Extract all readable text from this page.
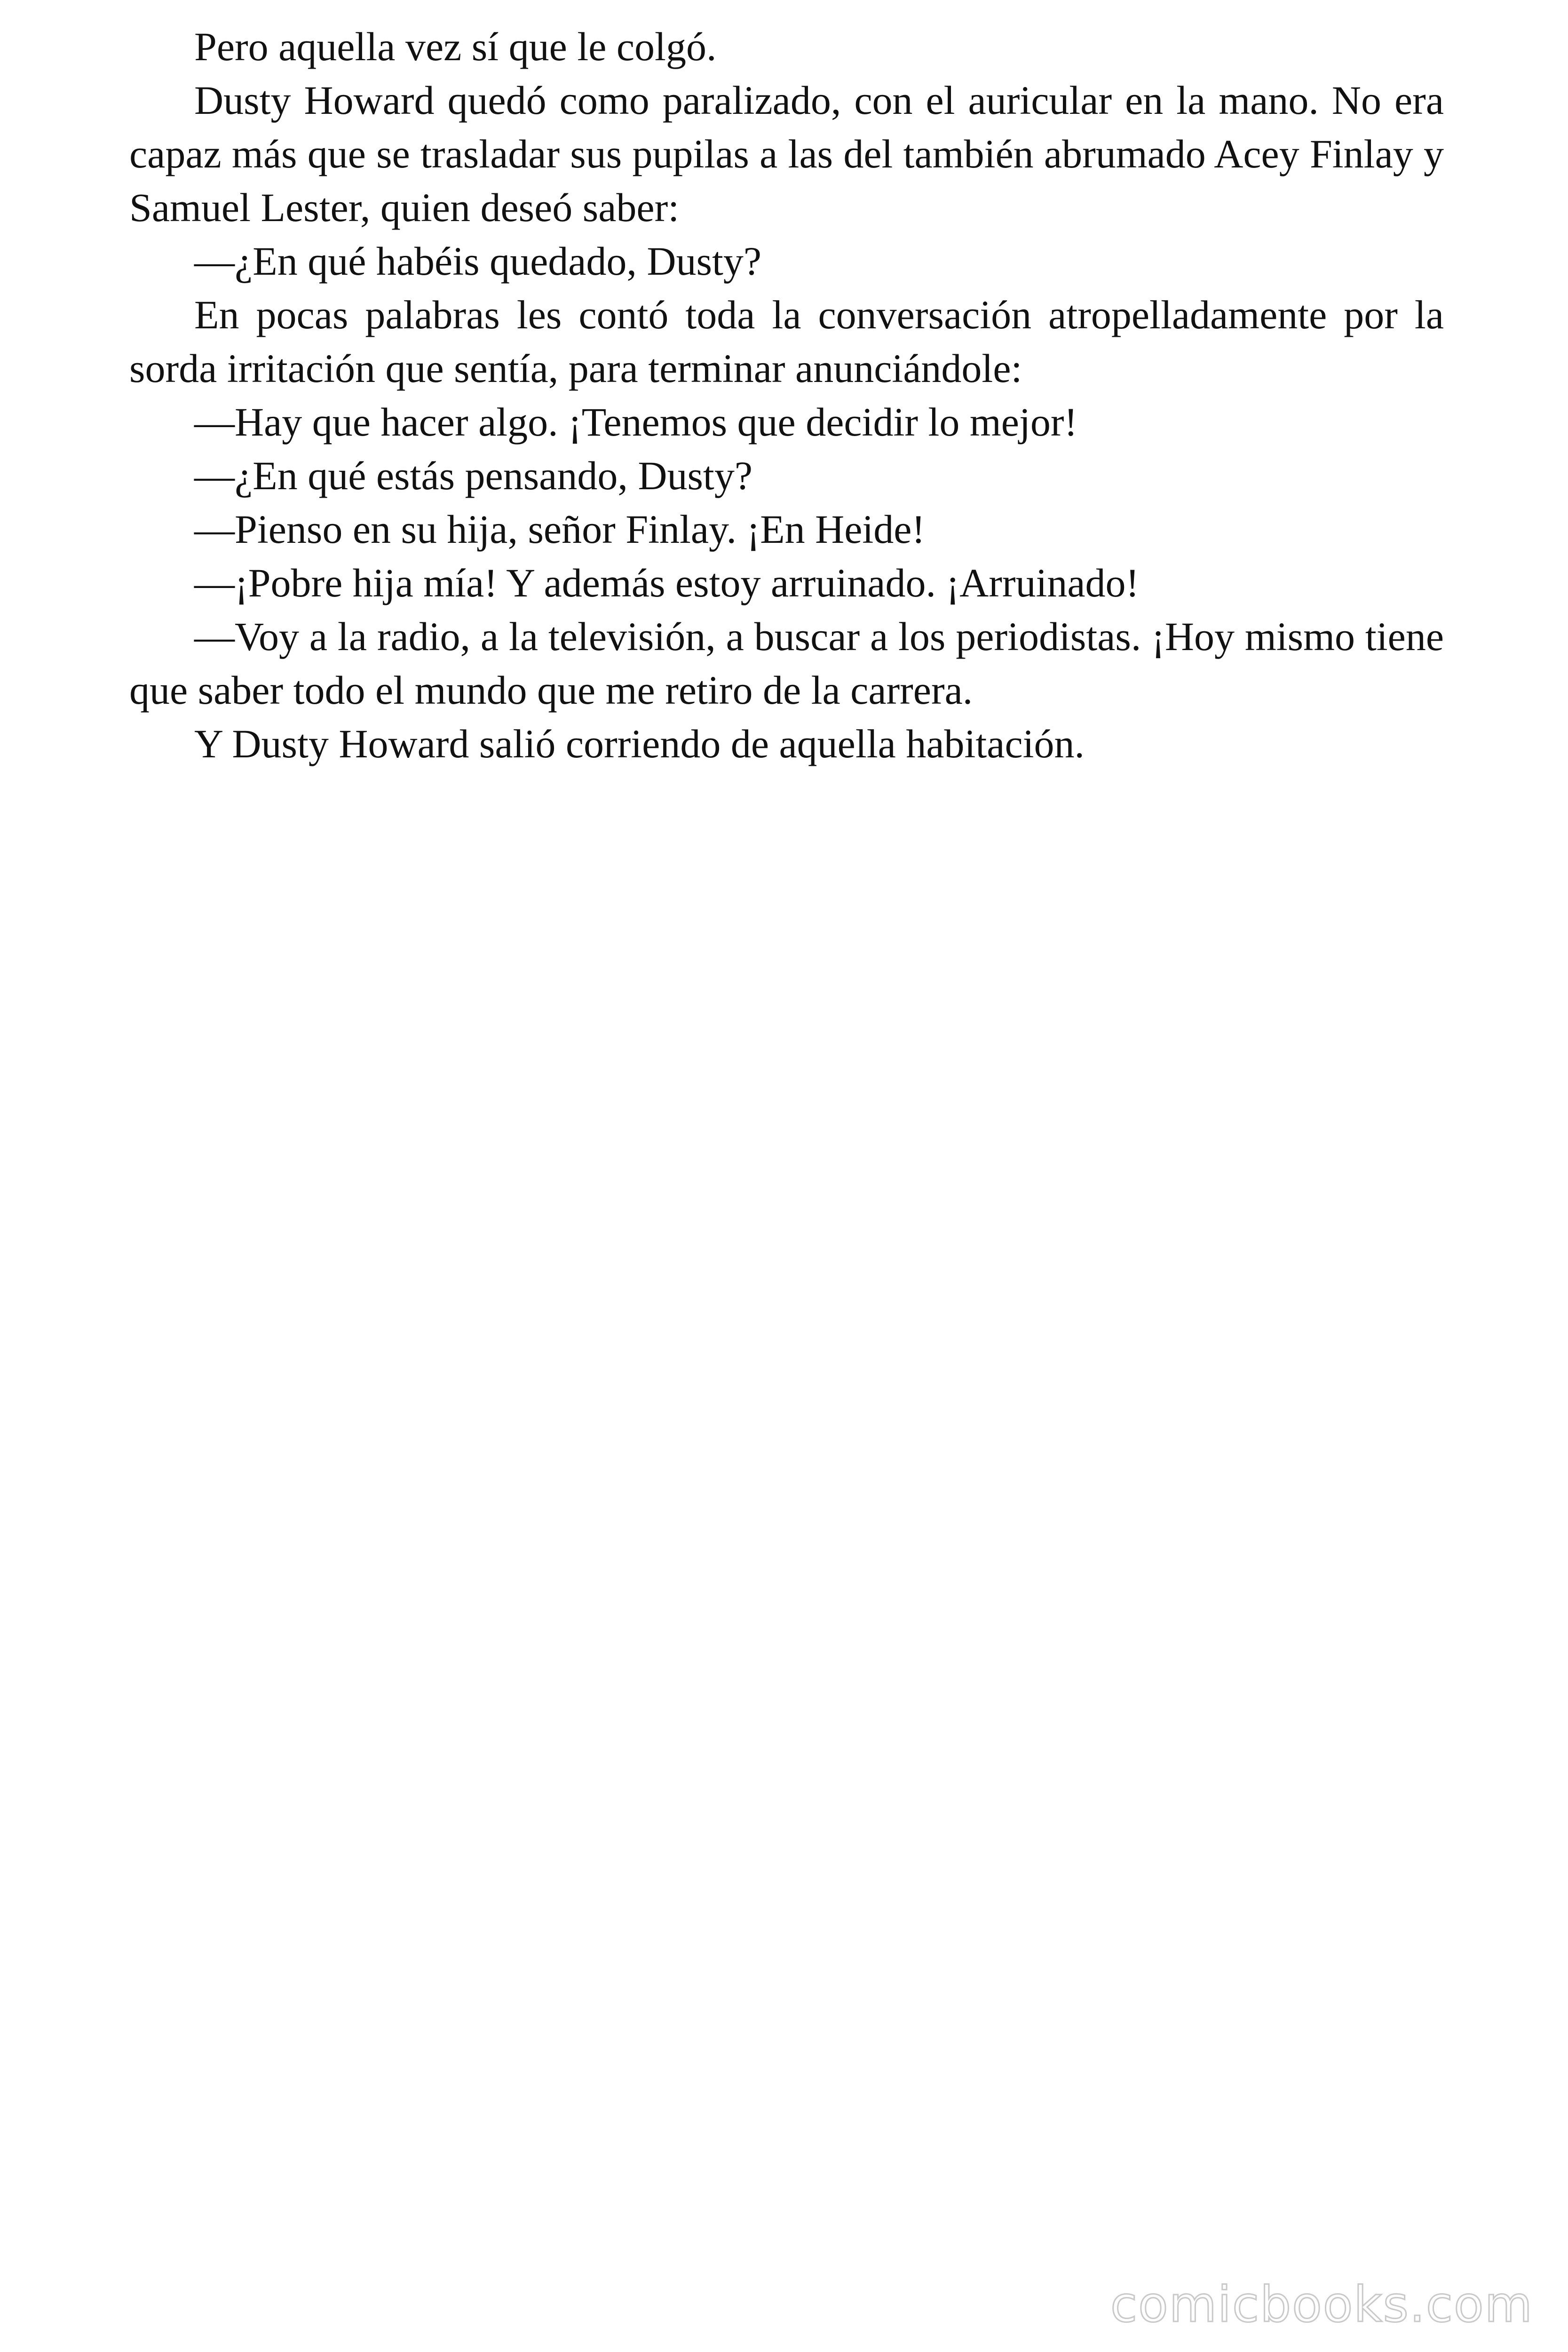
Pero aquella vez sí que le colgó.

Dusty Howard quedó como paralizado, con el auricular en la mano. No era capaz más que se trasladar sus pupilas a las del también abrumado Acey Finlay y Samuel Lester, quien deseó saber:

—¿En qué habéis quedado, Dusty?

En pocas palabras les contó toda la conversación atropelladamente por la sorda irritación que sentía, para terminar anunciándole:

—Hay que hacer algo. ¡Tenemos que decidir lo mejor!

—¿En qué estás pensando, Dusty?

—Pienso en su hija, señor Finlay. ¡En Heide!

—¡Pobre hija mía! Y además estoy arruinado. ¡Arruinado!

—Voy a la radio, a la televisión, a buscar a los periodistas. ¡Hoy mismo tiene que saber todo el mundo que me retiro de la carrera.

Y Dusty Howard salió corriendo de aquella habitación.

comicbooks.com
